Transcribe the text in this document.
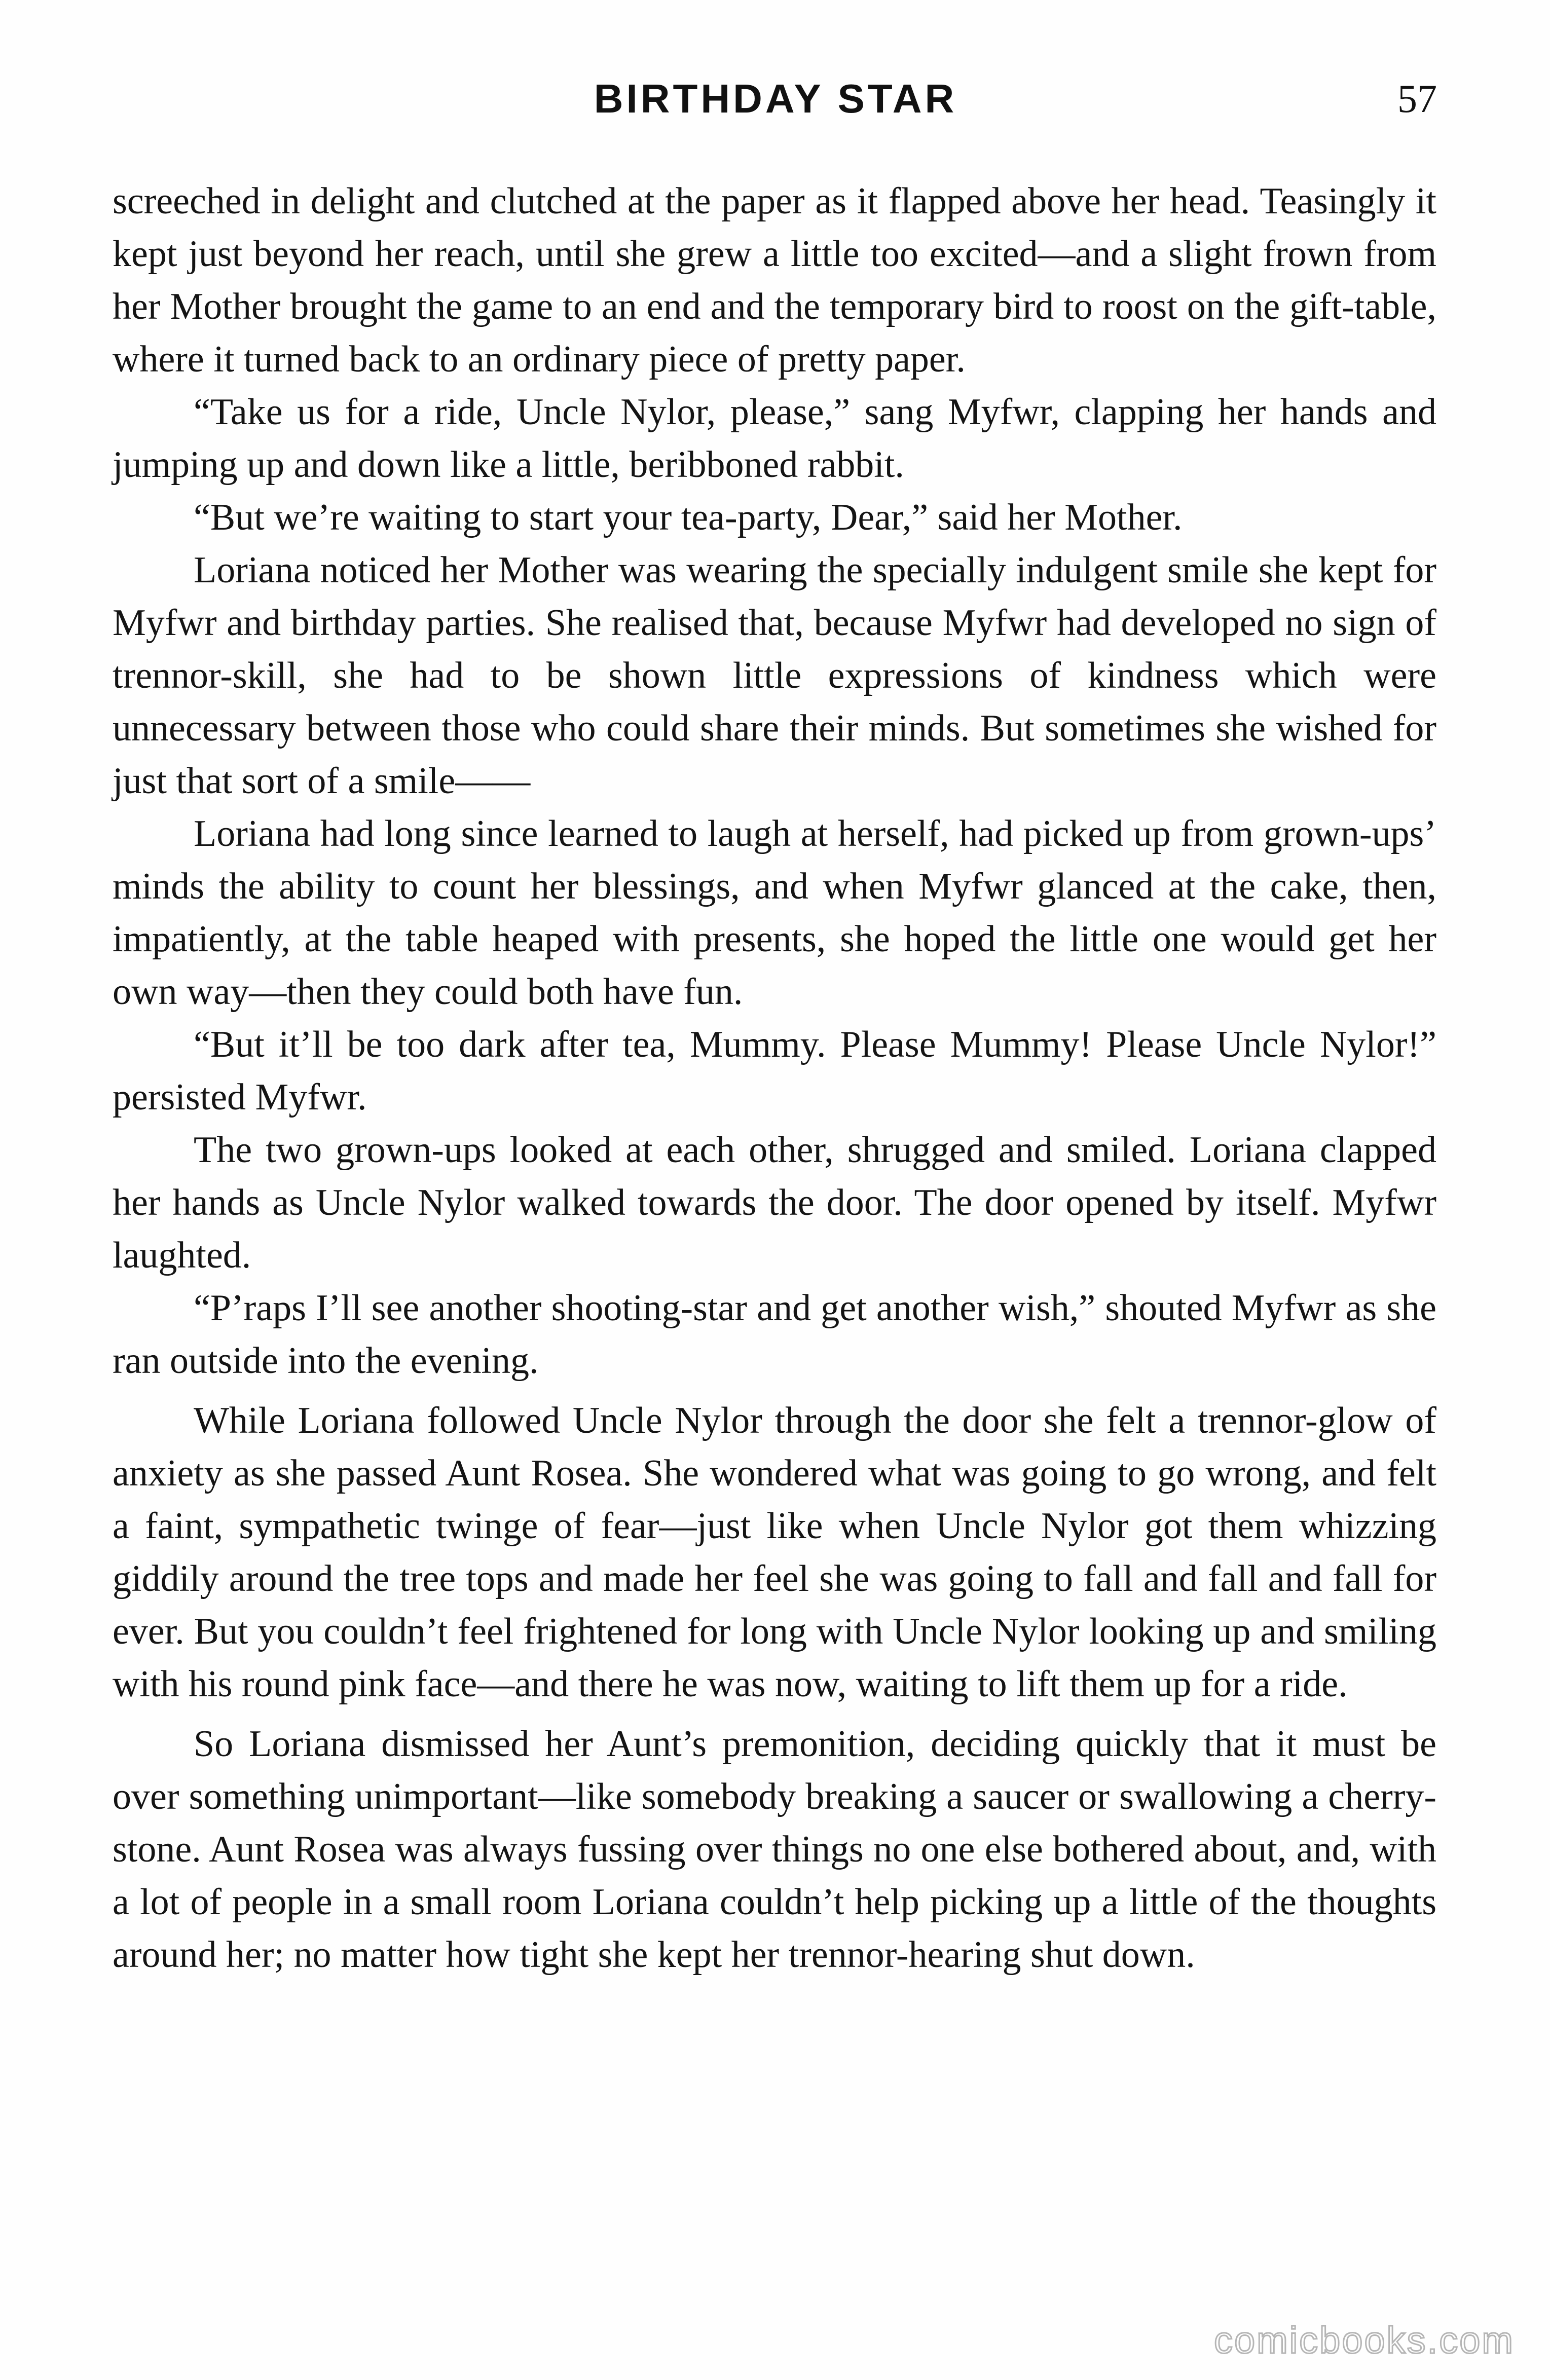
BIRTHDAY STAR	57

screeched in delight and clutched at the paper as it flapped above her head. Teasingly it kept just beyond her reach, until she grew a little too excited—and a slight frown from her Mother brought the game to an end and the temporary bird to roost on the gift-table, where it turned back to an ordinary piece of pretty paper.

“Take us for a ride, Uncle Nylor, please,” sang Myfwr, clapping her hands and jumping up and down like a little, beribboned rabbit.

“But we’re waiting to start your tea-party, Dear,” said her Mother.

Loriana noticed her Mother was wearing the specially indulgent smile she kept for Myfwr and birthday parties. She realised that, because Myfwr had developed no sign of trennor-skill, she had to be shown little expressions of kindness which were unnecessary between those who could share their minds. But sometimes she wished for just that sort of a smile——

Loriana had long since learned to laugh at herself, had picked up from grown-ups’ minds the ability to count her blessings, and when Myfwr glanced at the cake, then, impatiently, at the table heaped with presents, she hoped the little one would get her own way—then they could both have fun.

“But it’ll be too dark after tea, Mummy. Please Mummy! Please Uncle Nylor!” persisted Myfwr.

The two grown-ups looked at each other, shrugged and smiled. Loriana clapped her hands as Uncle Nylor walked towards the door. The door opened by itself. Myfwr laughted.

“P’raps I’ll see another shooting-star and get another wish,” shouted Myfwr as she ran outside into the evening.

While Loriana followed Uncle Nylor through the door she felt a trennor-glow of anxiety as she passed Aunt Rosea. She wondered what was going to go wrong, and felt a faint, sympathetic twinge of fear—just like when Uncle Nylor got them whizzing giddily around the tree tops and made her feel she was going to fall and fall and fall for ever. But you couldn’t feel frightened for long with Uncle Nylor looking up and smiling with his round pink face—and there he was now, waiting to lift them up for a ride.

So Loriana dismissed her Aunt’s premonition, deciding quickly that it must be over something unimportant—like somebody breaking a saucer or swallowing a cherry-stone. Aunt Rosea was always fussing over things no one else bothered about, and, with a lot of people in a small room Loriana couldn’t help picking up a little of the thoughts around her; no matter how tight she kept her trennor-hearing shut down.

comicbooks.com
